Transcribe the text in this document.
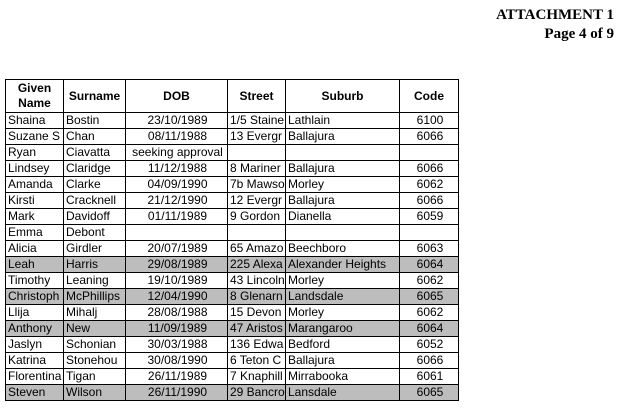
ATTACHMENT 1
Page 4 of 9
Given Name	Surname	DOB	Street	Suburb	Code
Shaina	Bostin	23/10/1989	1/5 Staine	Lathlain	6100
Suzane S	Chan	08/11/1988	13 Evergr	Ballajura	6066
Ryan	Ciavatta	seeking approval			
Lindsey	Claridge	11/12/1988	8 Mariner	Ballajura	6066
Amanda	Clarke	04/09/1990	7b Mawso	Morley	6062
Kirsti	Cracknell	21/12/1990	12 Evergr	Ballajura	6066
Mark	Davidoff	01/11/1989	9 Gordon	Dianella	6059
Emma	Debont				
Alicia	Girdler	20/07/1989	65 Amazo	Beechboro	6063
Leah	Harris	29/08/1989	225 Alexa	Alexander Heights	6064
Timothy	Leaning	19/10/1989	43 Lincoln	Morley	6062
Christoph	McPhillips	12/04/1990	8 Glenarn	Landsdale	6065
Llija	Mihalj	28/08/1988	15 Devon	Morley	6062
Anthony	New	11/09/1989	47 Aristos	Marangaroo	6064
Jaslyn	Schonian	30/03/1988	136 Edwa	Bedford	6052
Katrina	Stonehou	30/08/1990	6 Teton C	Ballajura	6066
Florentina	Tigan	26/11/1989	7 Knaphill	Mirrabooka	6061
Steven	Wilson	26/11/1990	29 Bancro	Lansdale	6065
